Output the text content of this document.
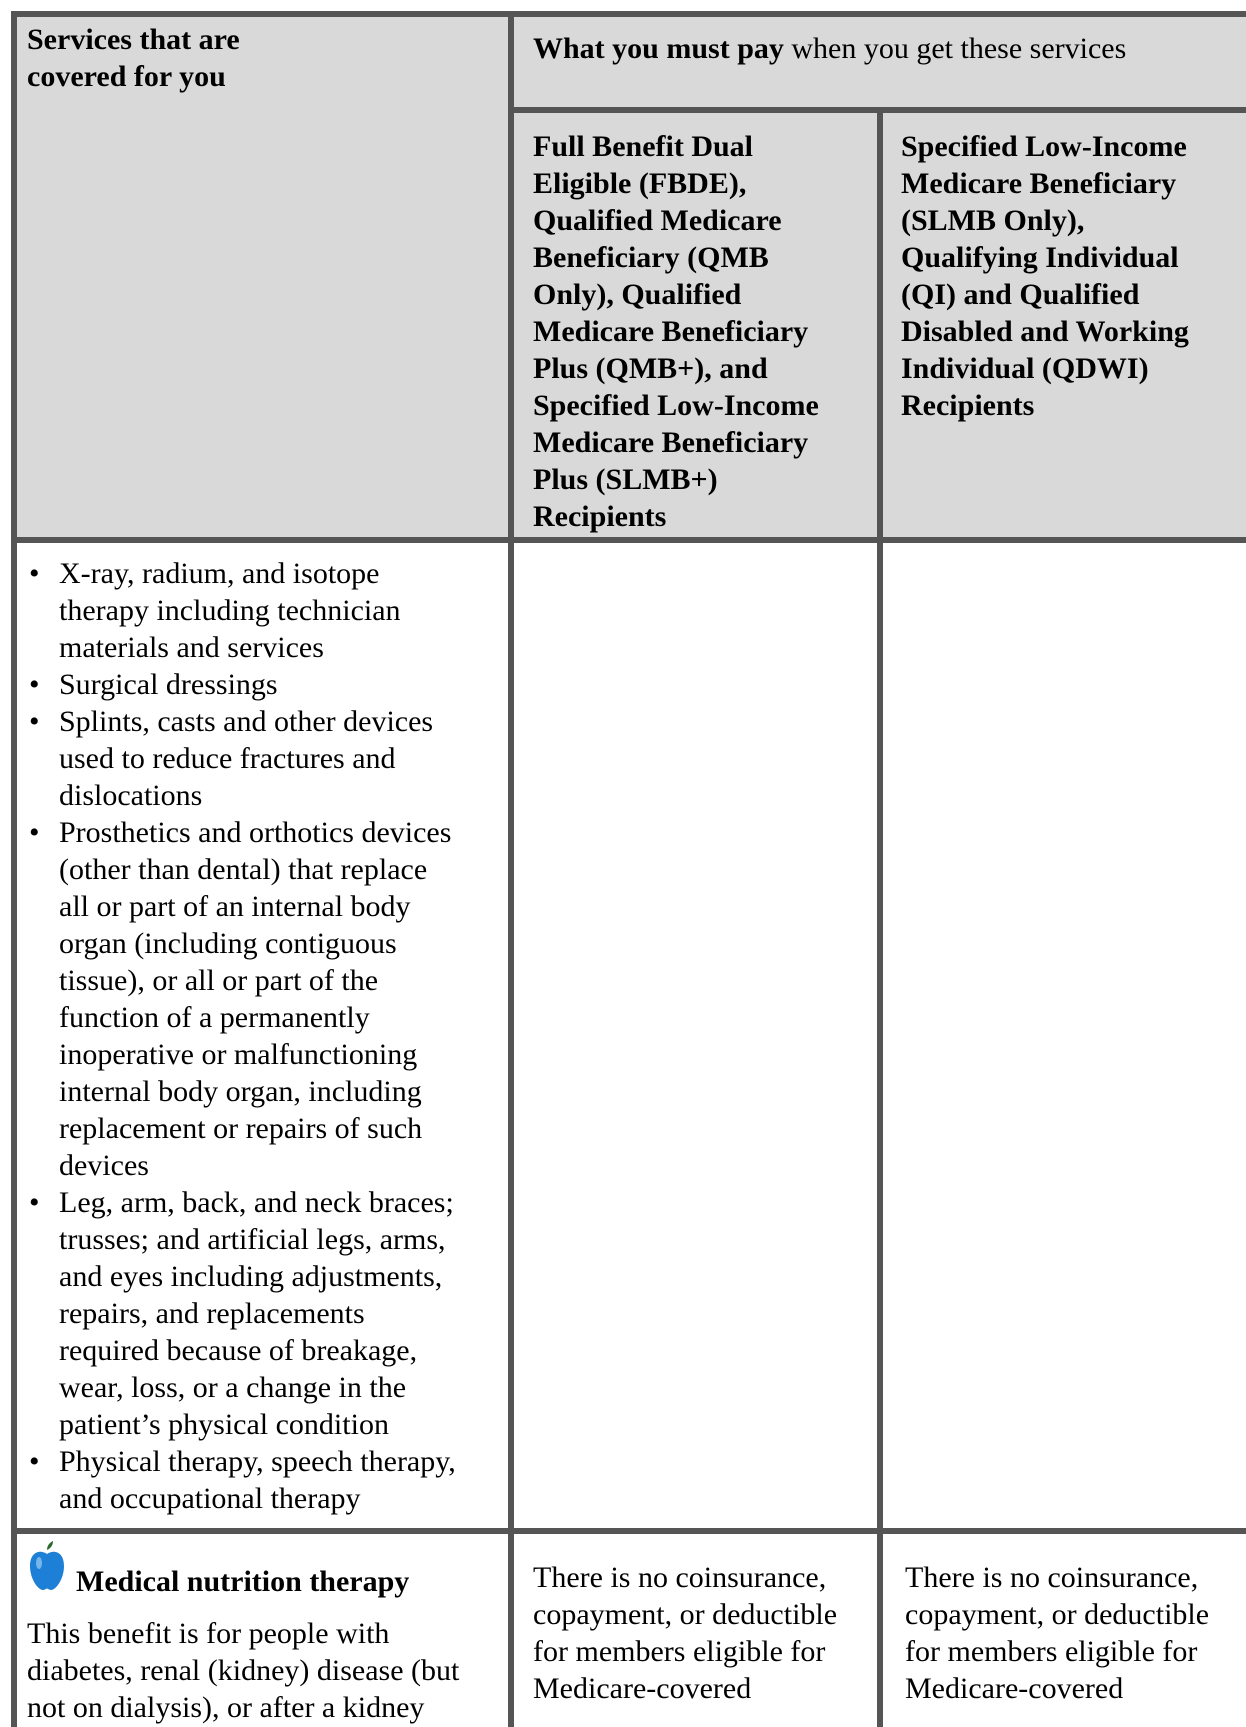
Services that are
covered for you
What you must pay when you get these services
Full Benefit Dual
Eligible (FBDE),
Qualified Medicare
Beneficiary (QMB
Only), Qualified
Medicare Beneficiary
Plus (QMB+), and
Specified Low-Income
Medicare Beneficiary
Plus (SLMB+)
Recipients
Specified Low-Income
Medicare Beneficiary
(SLMB Only),
Qualifying Individual
(QI) and Qualified
Disabled and Working
Individual (QDWI)
Recipients
• X-ray, radium, and isotope
therapy including technician
materials and services
• Surgical dressings
• Splints, casts and other devices
used to reduce fractures and
dislocations
• Prosthetics and orthotics devices
(other than dental) that replace
all or part of an internal body
organ (including contiguous
tissue), or all or part of the
function of a permanently
inoperative or malfunctioning
internal body organ, including
replacement or repairs of such
devices
• Leg, arm, back, and neck braces;
trusses; and artificial legs, arms,
and eyes including adjustments,
repairs, and replacements
required because of breakage,
wear, loss, or a change in the
patient’s physical condition
• Physical therapy, speech therapy,
and occupational therapy
Medical nutrition therapy
This benefit is for people with
diabetes, renal (kidney) disease (but
not on dialysis), or after a kidney
There is no coinsurance,
copayment, or deductible
for members eligible for
Medicare-covered
There is no coinsurance,
copayment, or deductible
for members eligible for
Medicare-covered
